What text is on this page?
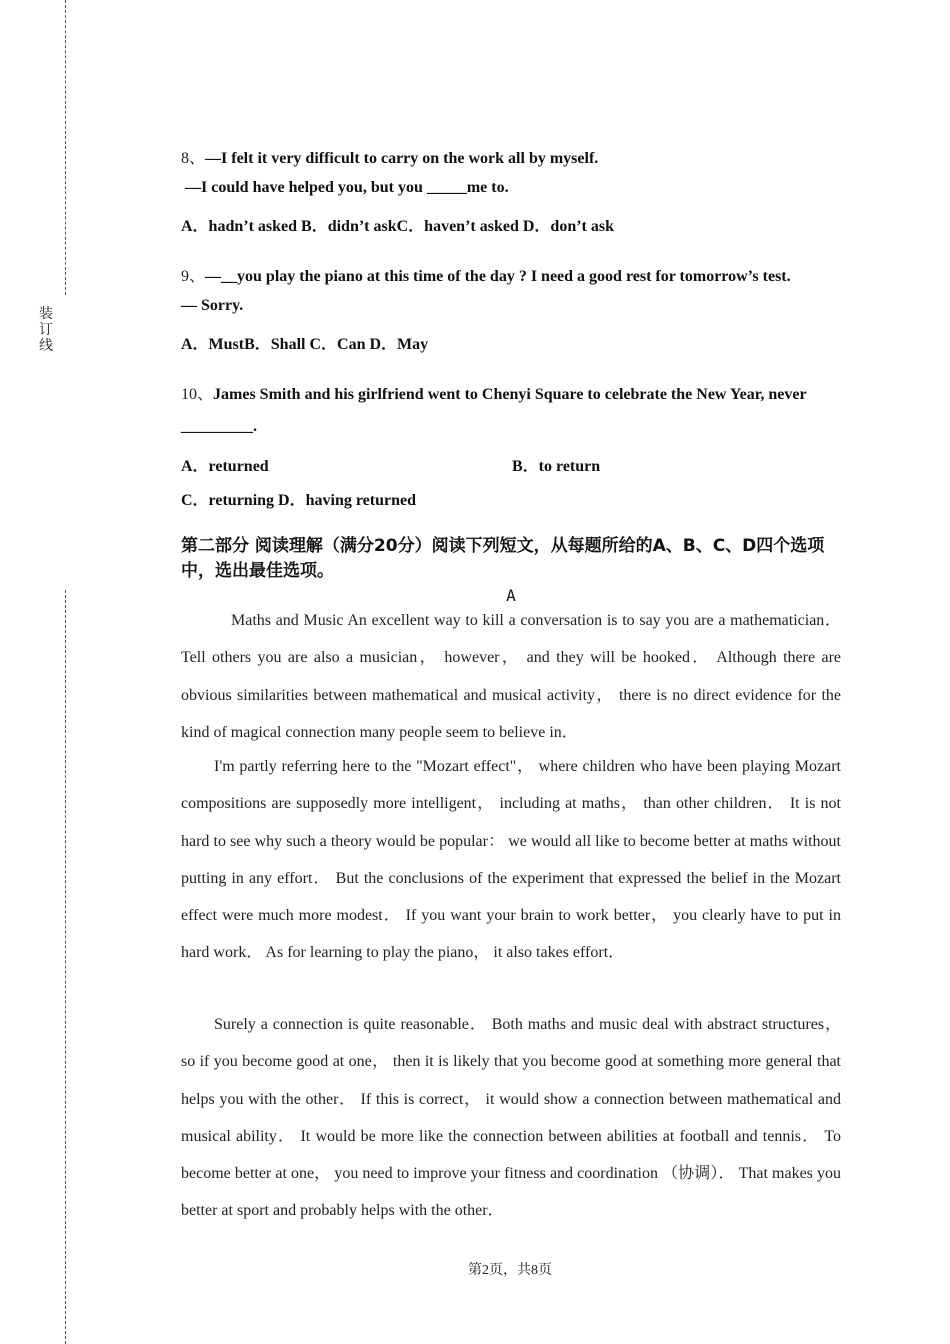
装订线
8、—I felt it very difficult to carry on the work all by myself.
—I could have helped you, but you _____me to.
A．hadn’t asked B．didn’t askC．haven’t asked D．don’t ask
9、—__you play the piano at this time of the day ? I need a good rest for tomorrow’s test.
— Sorry.
A．MustB．Shall C．Can D．May
10、James Smith and his girlfriend went to Chenyi Square to celebrate the New Year, never
_________.
A．returned	B．to return
C．returning D．having returned
第二部分 阅读理解（满分20分）阅读下列短文，从每题所给的A、B、C、D四个选项中，选出最佳选项。
A
Maths and Music An excellent way to kill a conversation is to say you are a mathematician． Tell others you are also a musician， however， and they will be hooked． Although there are obvious similarities between mathematical and musical activity， there is no direct evidence for the kind of magical connection many people seem to believe in．
I'm partly referring here to the "Mozart effect"， where children who have been playing Mozart compositions are supposedly more intelligent， including at maths， than other children． It is not hard to see why such a theory would be popular： we would all like to become better at maths without putting in any effort． But the conclusions of the experiment that expressed the belief in the Mozart effect were much more modest． If you want your brain to work better， you clearly have to put in hard work． As for learning to play the piano， it also takes effort．
Surely a connection is quite reasonable． Both maths and music deal with abstract structures， so if you become good at one， then it is likely that you become good at something more general that helps you with the other． If this is correct， it would show a connection between mathematical and musical ability． It would be more like the connection between abilities at football and tennis． To become better at one， you need to improve your fitness and coordination （协调）． That makes you better at sport and probably helps with the other．
第2页，共8页
